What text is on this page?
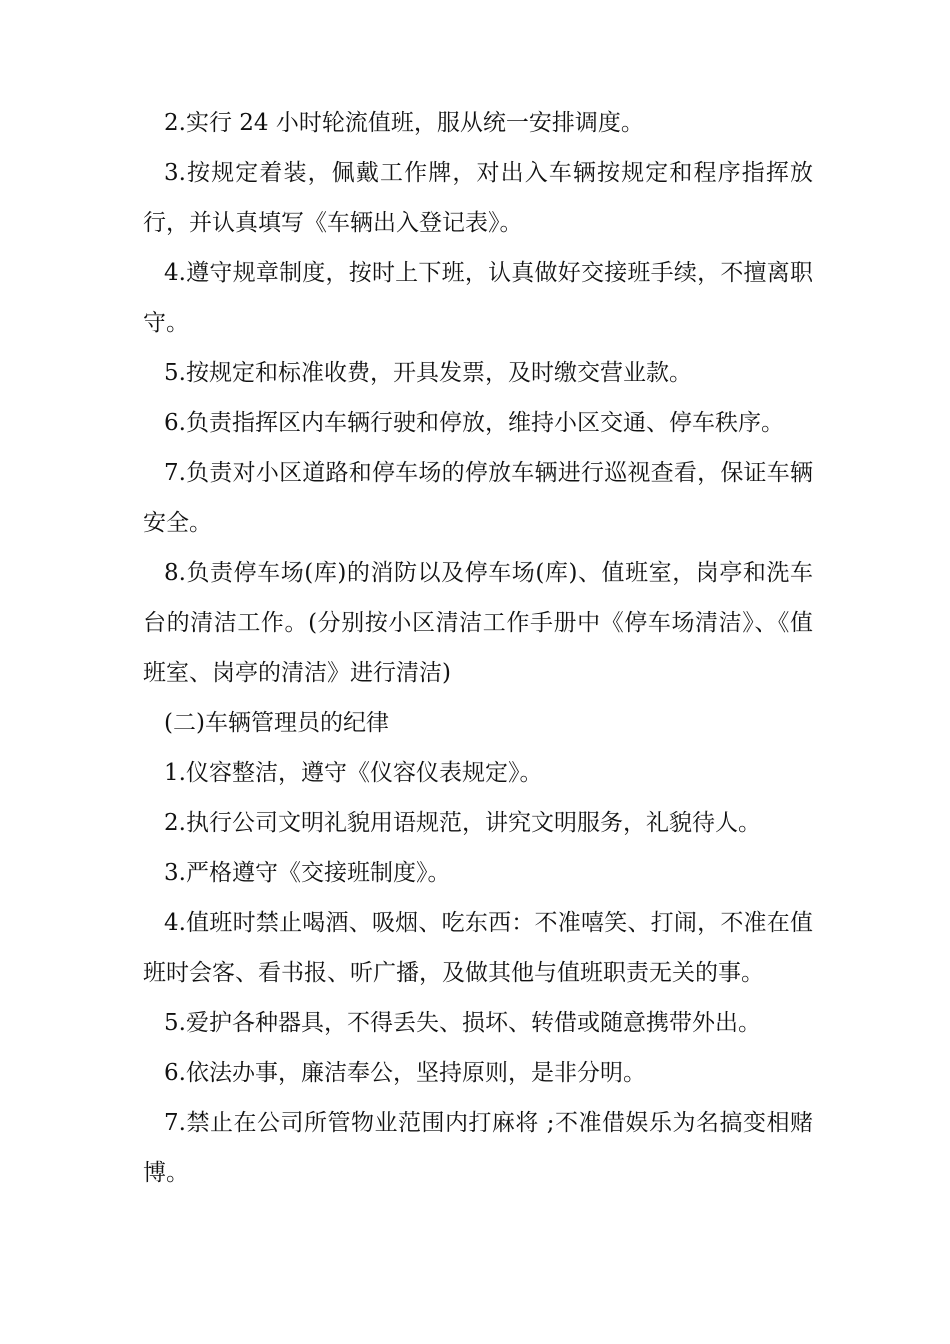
2.实行 24 小时轮流值班，服从统一安排调度。

3.按规定着装，佩戴工作牌，对出入车辆按规定和程序指挥放行，并认真填写《车辆出入登记表》。

4.遵守规章制度，按时上下班，认真做好交接班手续，不擅离职守。

5.按规定和标准收费，开具发票，及时缴交营业款。

6.负责指挥区内车辆行驶和停放，维持小区交通、停车秩序。

7.负责对小区道路和停车场的停放车辆进行巡视查看，保证车辆安全。

8.负责停车场(库)的消防以及停车场(库)、值班室，岗亭和洗车台的清洁工作。(分别按小区清洁工作手册中《停车场清洁》、《值班室、岗亭的清洁》进行清洁)

(二)车辆管理员的纪律

1.仪容整洁，遵守《仪容仪表规定》。

2.执行公司文明礼貌用语规范，讲究文明服务，礼貌待人。

3.严格遵守《交接班制度》。

4.值班时禁止喝酒、吸烟、吃东西：不准嘻笑、打闹，不准在值班时会客、看书报、听广播，及做其他与值班职责无关的事。

5.爱护各种器具，不得丢失、损坏、转借或随意携带外出。

6.依法办事，廉洁奉公，坚持原则，是非分明。

7.禁止在公司所管物业范围内打麻将 ;不准借娱乐为名搞变相赌博。
